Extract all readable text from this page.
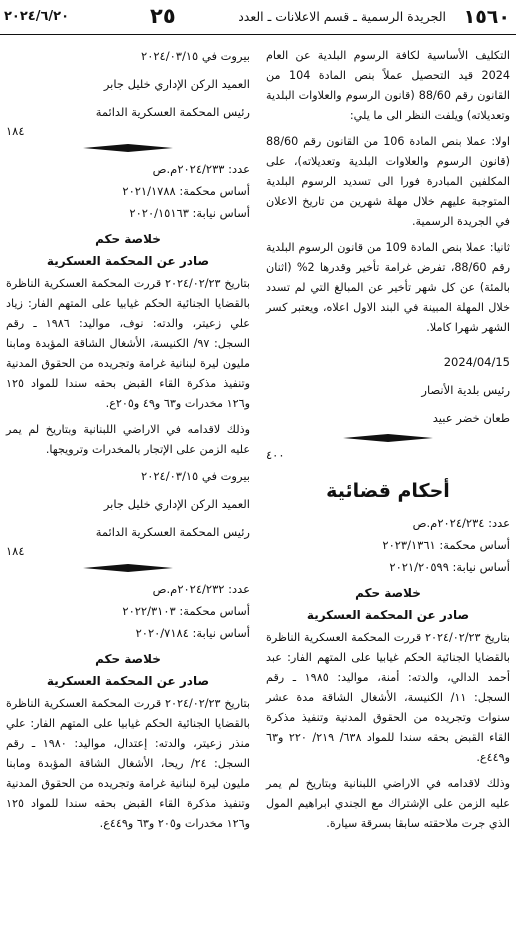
١٥٦٠
الجريدة الرسمية ـ قسم الاعلانات ـ العدد
٢٥
٢٠٢٤/٦/٢٠

التكليف الأساسية لكافة الرسوم البلدية عن العام 2024 قيد التحصيل عملاً بنص المادة 104 من القانون رقم 88/60 (قانون الرسوم والعلاوات البلدية وتعديلاته) ويلفت النظر الى ما يلي:

اولا: عملا بنص المادة 106 من القانون رقم 88/60 (قانون الرسوم والعلاوات البلدية وتعديلاته)، على المكلفين المبادرة فورا الى تسديد الرسوم البلدية المتوجبة عليهم خلال مهلة شهرين من تاريخ الاعلان في الجريدة الرسمية.

ثانيا: عملا بنص المادة 109 من قانون الرسوم البلدية رقم 88/60، تفرض غرامة تأخير وقدرها 2% (اثنان بالمئة) عن كل شهر تأخير عن المبالغ التي لم تسدد خلال المهلة المبينة في البند الاول اعلاه، ويعتبر كسر الشهر شهرا كاملا.

2024/04/15

رئيس بلدية الأنصار

طعان خضر عبيد

٤٠٠

أحكام قضائية

عدد: ٢٠٢٤/٢٣٤م.ص

أساس محكمة: ٢٠٢٣/١٣٦١

أساس نيابة: ٢٠٢١/٢٠٥٩٩

خلاصة حكم
صادر عن المحكمة العسكرية

بتاريخ ٢٠٢٤/٠٢/٢٣ قررت المحكمة العسكرية الناظرة بالقضايا الجنائية الحكم غيابيا على المتهم الفار: عبد أحمد الدالي، والدته: أمنة، مواليد: ١٩٨٥ ـ رقم السجل: ١١/ الكنيسة، الأشغال الشاقة مدة عشر سنوات وتجريده من الحقوق المدنية وتنفيذ مذكرة القاء القبض بحقه سندا للمواد ٦٣٨/ ٢١٩/ ٢٢٠ و٦٣ و٤٤٩ع.

وذلك لاقدامه في الاراضي اللبنانية وبتاريخ لم يمر عليه الزمن على الإشتراك مع الجندي ابراهيم المول الذي جرت ملاحقته سابقا بسرقة سيارة.

بيروت في ٢٠٢٤/٠٣/١٥

العميد الركن الإداري خليل جابر

رئيس المحكمة العسكرية الدائمة

١٨٤

عدد: ٢٠٢٤/٢٣٣م.ص

أساس محكمة: ٢٠٢١/١٧٨٨

أساس نيابة: ٢٠٢٠/١٥١٦٣

خلاصة حكم
صادر عن المحكمة العسكرية

بتاريخ ٢٠٢٤/٠٢/٢٣ قررت المحكمة العسكرية الناظرة بالقضايا الجنائية الحكم غيابيا على المتهم الفار: زياد علي زعيتر، والدته: نوف، مواليد: ١٩٨٦ ـ رقم السجل: ٩٧/ الكنيسة، الأشغال الشاقة المؤبدة ومابنا مليون ليرة لبنانية غرامة وتجريده من الحقوق المدنية وتنفيذ مذكرة القاء القبض بحقه سندا للمواد ١٢٥ و١٢٦ مخدرات و٦٣ و٤٩ و٢٠٥ع.

وذلك لاقدامه في الاراضي اللبنانية وبتاريخ لم يمر عليه الزمن على الإتجار بالمخدرات وترويجها.

بيروت في ٢٠٢٤/٠٣/١٥

العميد الركن الإداري خليل جابر

رئيس المحكمة العسكرية الدائمة

١٨٤

عدد: ٢٠٢٤/٢٣٢م.ص

أساس محكمة: ٢٠٢٢/٣١٠٣

أساس نيابة: ٢٠٢٠/٧١٨٤

خلاصة حكم
صادر عن المحكمة العسكرية

بتاريخ ٢٠٢٤/٠٢/٢٣ قررت المحكمة العسكرية الناظرة بالقضايا الجنائية الحكم غيابيا على المتهم الفار: علي منذر زعيتر، والدته: إعتدال، مواليد: ١٩٨٠ ـ رقم السجل: ٢٤/ ريحا، الأشغال الشاقة المؤبدة ومابنا مليون ليرة لبنانية غرامة وتجريده من الحقوق المدنية وتنفيذ مذكرة القاء القبض بحقه سندا للمواد ١٢٥ و١٢٦ مخدرات و٢٠٥ و٦٣ و٤٤٩ع.
